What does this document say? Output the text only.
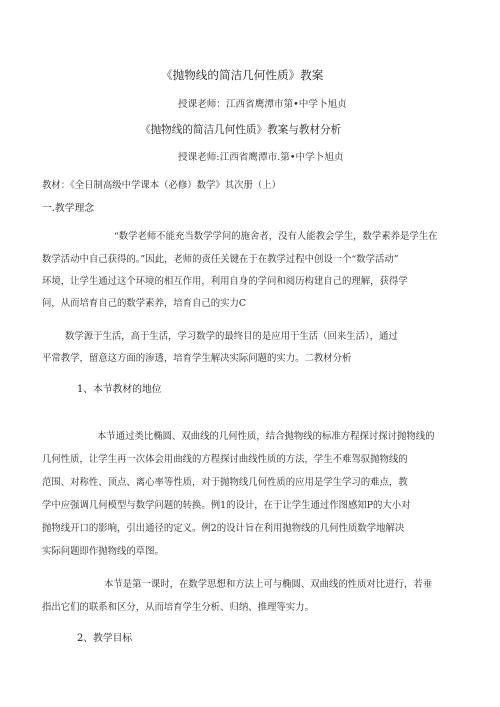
《抛物线的简洁几何性质》教案
授课老师：江西省鹰潭市第•中学卜旭贞
《抛物线的简洁几何性质》教案与教材分析
授课老师:江西省鹰潭市.第•中学卜旭贞
教材：《全日制高级中学课本（必修）数学》其次册（上）
一.教学理念
“数学老师不能充当数学学问的施舍者，没有人能教会学生，数学素养是学生在
数学活动中自己获得的。”因此，老师的责任关键在于在教学过程中创设一个“数学活动”
环境，让学生通过这个环境的相互作用，利用自身的学问和阅历构建自己的理解，获得学
问，从而培育自己的数学素养，培育自己的实力C
数学源于生活，高于生活，学习数学的最终目的是应用于生活（回来生活），通过
平常教学，留意这方面的渗透，培育学生解决实际问题的实力。二教材分析
1、本节教材的地位
本节通过类比椭圆、双曲线的几何性质，结合抛物线的标准方程探讨探讨抛物线的
几何性质，让学生再一次体会用曲线的方程探讨曲线性质的方法，学生不难驾驭抛物线的
范围、对称性、顶点、离心率等性质，对于抛物线几何性质的应用是学生学习的难点，教
学中应强调几何模型与数学问题的转换。例1的设计，在于让学生通过作图感知P的大小对
抛物线开口的影响，引出通径的定义。例2的设计旨在利用抛物线的几何性质数学地解决
实际问题即作抛物线的草图。
本节是第一课时，在数学思想和方法上可与椭圆、双曲线的性质对比进行，若垂
指出它们的联系和区分，从而培育学生分析、归纳、推理等实力。
2、教学目标
